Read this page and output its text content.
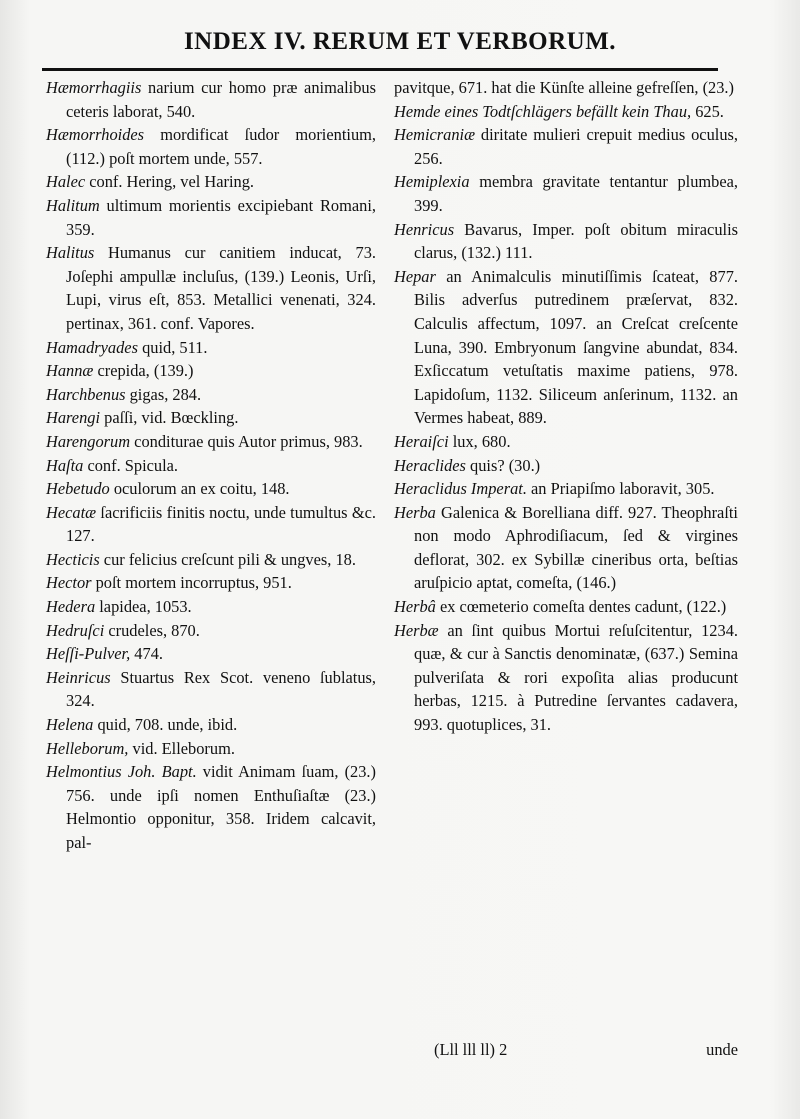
INDEX IV. RERUM ET VERBORUM.

Hæmorrhagiis narium cur homo præ animalibus ceteris laborat, 540.

Hæmorrhoides mordificat ſudor morientium, (112.) poſt mortem unde, 557.

Halec conf. Hering, vel Haring.

Halitum ultimum morientis excipiebant Romani, 359.

Halitus Humanus cur canitiem inducat, 73. Joſephi ampullæ incluſus, (139.) Leonis, Urſi, Lupi, virus eſt, 853. Metallici venenati, 324. pertinax, 361. conf. Vapores.

Hamadryades quid, 511.

Hannæ crepida, (139.)

Harchbenus gigas, 284.

Harengi paſſi, vid. Bœckling.

Harengorum conditurae quis Autor primus, 983.

Haſta conf. Spicula.

Hebetudo oculorum an ex coitu, 148.

Hecatæ ſacrificiis finitis noctu, unde tumultus &c. 127.

Hecticis cur felicius creſcunt pili & ungves, 18.

Hector poſt mortem incorruptus, 951.

Hedera lapidea, 1053.

Hedruſci crudeles, 870.

Heſſi-Pulver, 474.

Heinricus Stuartus Rex Scot. veneno ſublatus, 324.

Helena quid, 708. unde, ibid.

Helleborum, vid. Elleborum.

Helmontius Joh. Bapt. vidit Animam ſuam, (23.) 756. unde ipſi nomen Enthuſiaſtæ (23.) Helmontio opponitur, 358. Iridem calcavit, pal-

pavitque, 671. hat die Künſte alleine gefreſſen, (23.)

Hemde eines Todtſchlägers befällt kein Thau, 625.

Hemicraniæ diritate mulieri crepuit medius oculus, 256.

Hemiplexia membra gravitate tentantur plumbea, 399.

Henricus Bavarus, Imper. poſt obitum miraculis clarus, (132.) 111.

Hepar an Animalculis minutiſſimis ſcateat, 877. Bilis adverſus putredinem præſervat, 832. Calculis affectum, 1097. an Creſcat creſcente Luna, 390. Embryonum ſangvine abundat, 834. Exſiccatum vetuſtatis maxime patiens, 978. Lapidoſum, 1132. Siliceum anſerinum, 1132. an Vermes habeat, 889.

Heraiſci lux, 680.

Heraclides quis? (30.)

Heraclidus Imperat. an Priapiſmo laboravit, 305.

Herba Galenica & Borelliana diff. 927. Theophraſti non modo Aphrodiſiacum, ſed & virgines deflorat, 302. ex Sybillæ cineribus orta, beſtias aruſpicio aptat, comeſta, (146.)

Herbâ ex cœmeterio comeſta dentes cadunt, (122.)

Herbæ an ſint quibus Mortui reſuſcitentur, 1234. quæ, & cur à Sanctis denominatæ, (637.) Semina pulveriſata & rori expoſita alias producunt herbas, 1215. à Putredine ſervantes cadavera, 993. quotuplices, 31.

(Lll lll ll) 2	unde
